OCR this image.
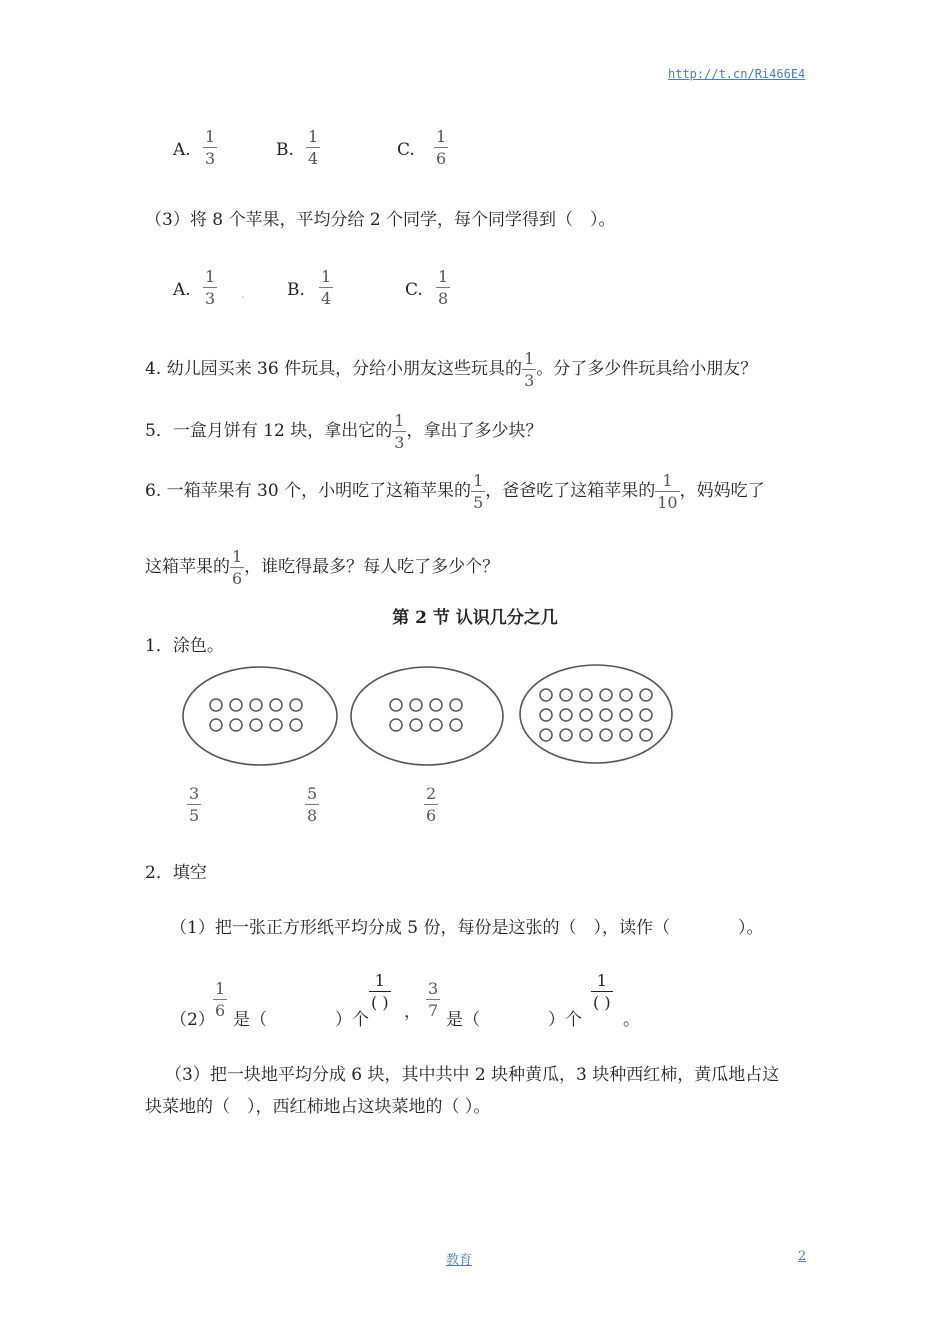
http://t.cn/Ri466E4
A.
1
3	B.
1
4	C.
1
6
（3）将 8 个苹果，平均分给 2 个同学，每个同学得到（　）。
A.
1
3 . B.
1
4	C.
1
8
4. 幼儿园买来 36 件玩具，分给小朋友这些玩具的 $\frac{1}{3}$ 。分了多少件玩具给小朋友？
5．一盒月饼有 12 块，拿出它的 $\frac{1}{3}$ ，拿出了多少块？
6. 一箱苹果有 30 个，小明吃了这箱苹果的 $\frac{1}{5}$ ，爸爸吃了这箱苹果的 $\frac{1}{10}$ ，妈妈吃了
这箱苹果的 $\frac{1}{6}$ ，谁吃得最多？每人吃了多少个？
第 2 节 认识几分之几
1．涂色。
3
5
5
8
2
6
2．填空
（1）把一张正方形纸平均分成 5 份，每份是这张的（　），读作（　　　　）。
（2）
1
6 是（　　　　）个
1
( ) ，
3
7 是（　　　　）个
1
( )
。
（3）把一块地平均分成 6 块，其中共中 2 块种黄瓜，3 块种西红柿，黄瓜地占这
块菜地的（　），西红柿地占这块菜地的（ ）。
教育	2
